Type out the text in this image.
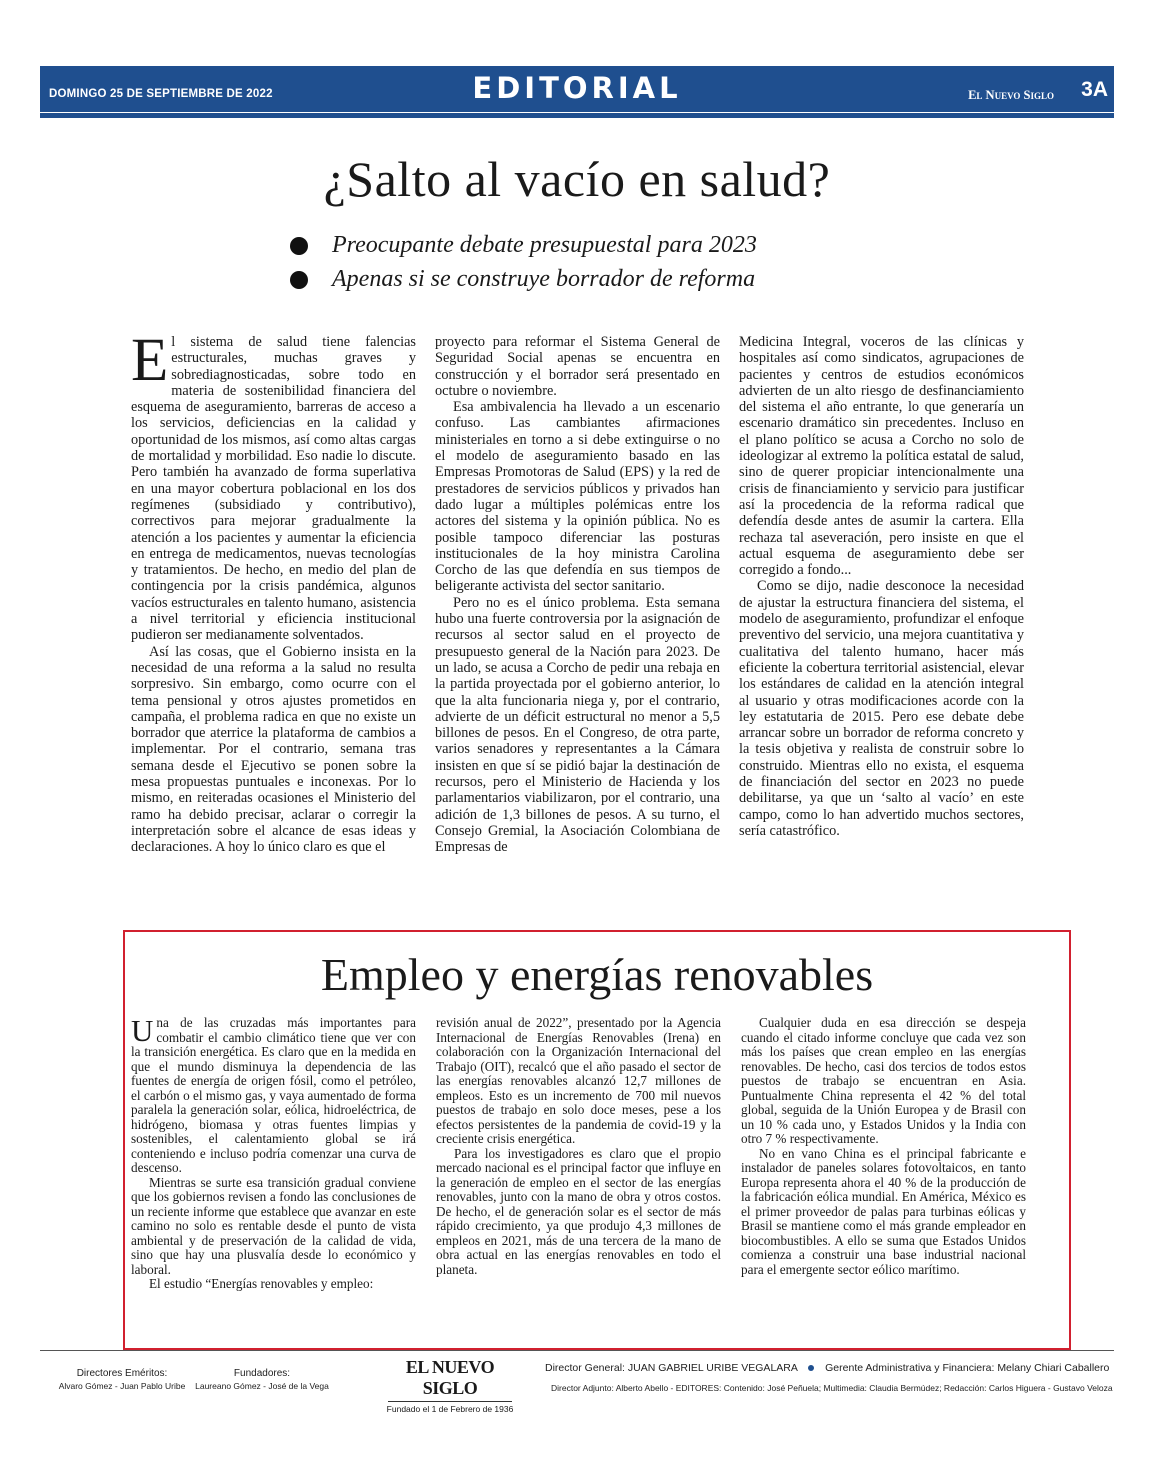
DOMINGO 25 DE SEPTIEMBRE DE 2022	EDITORIAL	El Nuevo Siglo 3A
¿Salto al vacío en salud?
Preocupante debate presupuestal para 2023
Apenas si se construye borrador de reforma

El sistema de salud tiene falencias estructurales, muchas graves y sobrediagnosticadas, sobre todo en materia de sostenibilidad financiera del esquema de aseguramiento, barreras de acceso a los servicios, deficiencias en la calidad y oportunidad de los mismos, así como altas cargas de mortalidad y morbilidad. Eso nadie lo discute. Pero también ha avanzado de forma superlativa en una mayor cobertura poblacional en los dos regímenes (subsidiado y contributivo), correctivos para mejorar gradualmente la atención a los pacientes y aumentar la eficiencia en entrega de medicamentos, nuevas tecnologías y tratamientos. De hecho, en medio del plan de contingencia por la crisis pandémica, algunos vacíos estructurales en talento humano, asistencia a nivel territorial y eficiencia institucional pudieron ser medianamente solventados.

Así las cosas, que el Gobierno insista en la necesidad de una reforma a la salud no resulta sorpresivo. Sin embargo, como ocurre con el tema pensional y otros ajustes prometidos en campaña, el problema radica en que no existe un borrador que aterrice la plataforma de cambios a implementar. Por el contrario, semana tras semana desde el Ejecutivo se ponen sobre la mesa propuestas puntuales e inconexas. Por lo mismo, en reiteradas ocasiones el Ministerio del ramo ha debido precisar, aclarar o corregir la interpretación sobre el alcance de esas ideas y declaraciones. A hoy lo único claro es que el

proyecto para reformar el Sistema General de Seguridad Social apenas se encuentra en construcción y el borrador será presentado en octubre o noviembre.

Esa ambivalencia ha llevado a un escenario confuso. Las cambiantes afirmaciones ministeriales en torno a si debe extinguirse o no el modelo de aseguramiento basado en las Empresas Promotoras de Salud (EPS) y la red de prestadores de servicios públicos y privados han dado lugar a múltiples polémicas entre los actores del sistema y la opinión pública. No es posible tampoco diferenciar las posturas institucionales de la hoy ministra Carolina Corcho de las que defendía en sus tiempos de beligerante activista del sector sanitario.

Pero no es el único problema. Esta semana hubo una fuerte controversia por la asignación de recursos al sector salud en el proyecto de presupuesto general de la Nación para 2023. De un lado, se acusa a Corcho de pedir una rebaja en la partida proyectada por el gobierno anterior, lo que la alta funcionaria niega y, por el contrario, advierte de un déficit estructural no menor a 5,5 billones de pesos. En el Congreso, de otra parte, varios senadores y representantes a la Cámara insisten en que sí se pidió bajar la destinación de recursos, pero el Ministerio de Hacienda y los parlamentarios viabilizaron, por el contrario, una adición de 1,3 billones de pesos. A su turno, el Consejo Gremial, la Asociación Colombiana de Empresas de

Medicina Integral, voceros de las clínicas y hospitales así como sindicatos, agrupaciones de pacientes y centros de estudios económicos advierten de un alto riesgo de desfinanciamiento del sistema el año entrante, lo que generaría un escenario dramático sin precedentes. Incluso en el plano político se acusa a Corcho no solo de ideologizar al extremo la política estatal de salud, sino de querer propiciar intencionalmente una crisis de financiamiento y servicio para justificar así la procedencia de la reforma radical que defendía desde antes de asumir la cartera. Ella rechaza tal aseveración, pero insiste en que el actual esquema de aseguramiento debe ser corregido a fondo...

Como se dijo, nadie desconoce la necesidad de ajustar la estructura financiera del sistema, el modelo de aseguramiento, profundizar el enfoque preventivo del servicio, una mejora cuantitativa y cualitativa del talento humano, hacer más eficiente la cobertura territorial asistencial, elevar los estándares de calidad en la atención integral al usuario y otras modificaciones acorde con la ley estatutaria de 2015. Pero ese debate debe arrancar sobre un borrador de reforma concreto y la tesis objetiva y realista de construir sobre lo construido. Mientras ello no exista, el esquema de financiación del sector en 2023 no puede debilitarse, ya que un ‘salto al vacío’ en este campo, como lo han advertido muchos sectores, sería catastrófico.

Empleo y energías renovables

Una de las cruzadas más importantes para combatir el cambio climático tiene que ver con la transición energética. Es claro que en la medida en que el mundo disminuya la dependencia de las fuentes de energía de origen fósil, como el petróleo, el carbón o el mismo gas, y vaya aumentado de forma paralela la generación solar, eólica, hidroeléctrica, de hidrógeno, biomasa y otras fuentes limpias y sostenibles, el calentamiento global se irá conteniendo e incluso podría comenzar una curva de descenso.

Mientras se surte esa transición gradual conviene que los gobiernos revisen a fondo las conclusiones de un reciente informe que establece que avanzar en este camino no solo es rentable desde el punto de vista ambiental y de preservación de la calidad de vida, sino que hay una plusvalía desde lo económico y laboral.

El estudio “Energías renovables y empleo:

revisión anual de 2022”, presentado por la Agencia Internacional de Energías Renovables (Irena) en colaboración con la Organización Internacional del Trabajo (OIT), recalcó que el año pasado el sector de las energías renovables alcanzó 12,7 millones de empleos. Esto es un incremento de 700 mil nuevos puestos de trabajo en solo doce meses, pese a los efectos persistentes de la pandemia de covid-19 y la creciente crisis energética.

Para los investigadores es claro que el propio mercado nacional es el principal factor que influye en la generación de empleo en el sector de las energías renovables, junto con la mano de obra y otros costos. De hecho, el de generación solar es el sector de más rápido crecimiento, ya que produjo 4,3 millones de empleos en 2021, más de una tercera de la mano de obra actual en las energías renovables en todo el planeta.

Cualquier duda en esa dirección se despeja cuando el citado informe concluye que cada vez son más los países que crean empleo en las energías renovables. De hecho, casi dos tercios de todos estos puestos de trabajo se encuentran en Asia. Puntualmente China representa el 42 % del total global, seguida de la Unión Europea y de Brasil con un 10 % cada uno, y Estados Unidos y la India con otro 7 % respectivamente.

No en vano China es el principal fabricante e instalador de paneles solares fotovoltaicos, en tanto Europa representa ahora el 40 % de la producción de la fabricación eólica mundial. En América, México es el primer proveedor de palas para turbinas eólicas y Brasil se mantiene como el más grande empleador en biocombustibles. A ello se suma que Estados Unidos comienza a construir una base industrial nacional para el emergente sector eólico marítimo.

Directores Eméritos:
Alvaro Gómez - Juan Pablo Uribe
Fundadores:
Laureano Gómez - José de la Vega
EL NUEVO SIGLO
Fundado el 1 de Febrero de 1936
Director General: JUAN GABRIEL URIBE VEGALARA	Gerente Administrativa y Financiera: Melany Chiari Caballero
Director Adjunto: Alberto Abello - EDITORES: Contenido: José Peñuela; Multimedia: Claudia Bermúdez; Redacción: Carlos Higuera - Gustavo Veloza
